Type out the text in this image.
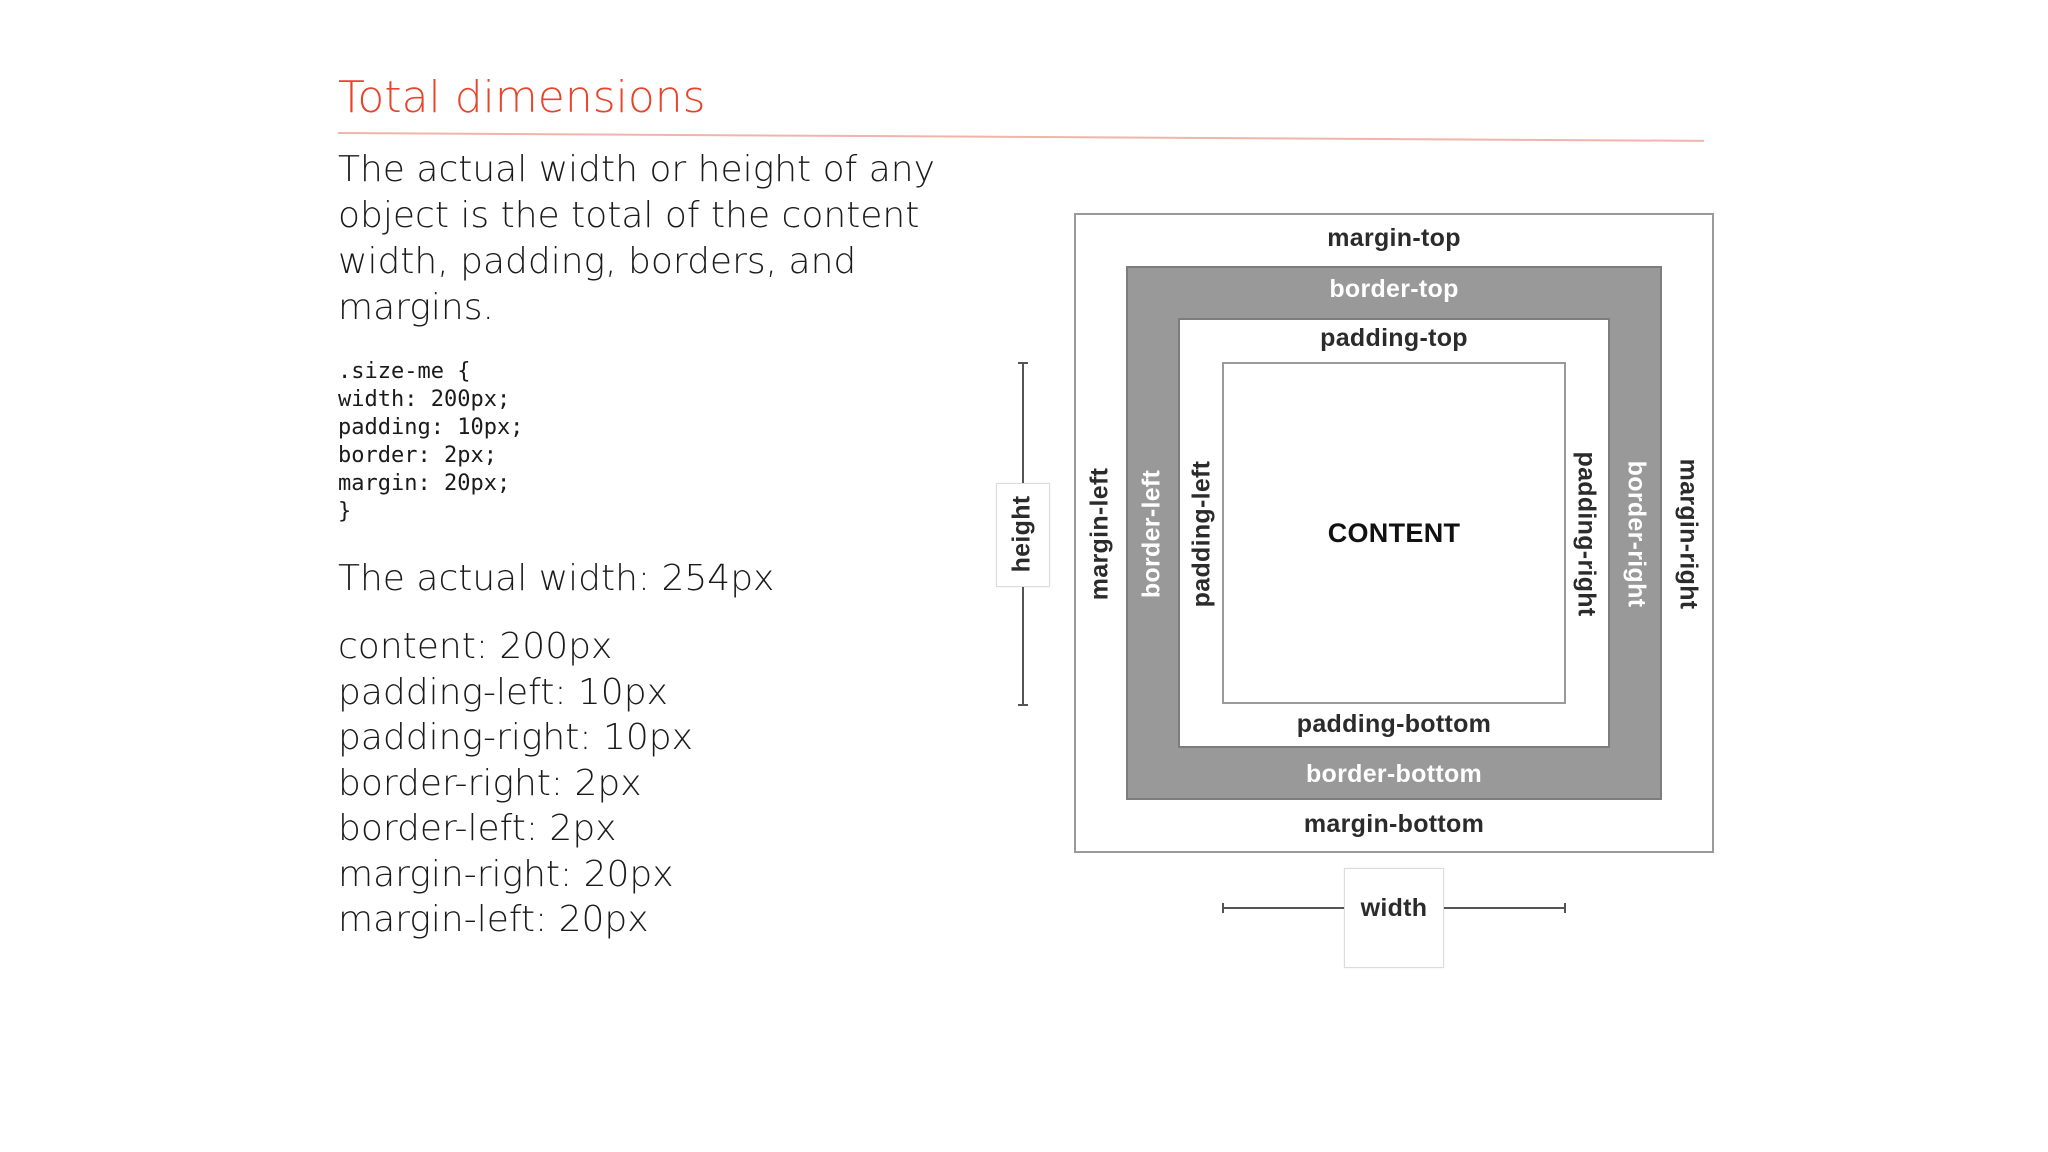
Total dimensions
The actual width or height of any object is the total of the content width, padding, borders, and margins.
.size-me {
width: 200px;
padding: 10px;
border: 2px;
margin: 20px;
}
The actual width: 254px
content: 200px
padding-left: 10px
padding-right: 10px
border-right: 2px
border-left: 2px
margin-right: 20px
margin-left: 20px
height
margin-top
border-top
padding-top
padding-bottom
border-bottom
margin-bottom
margin-left border-left padding-left	padding-right border-right margin-right
CONTENT
width
